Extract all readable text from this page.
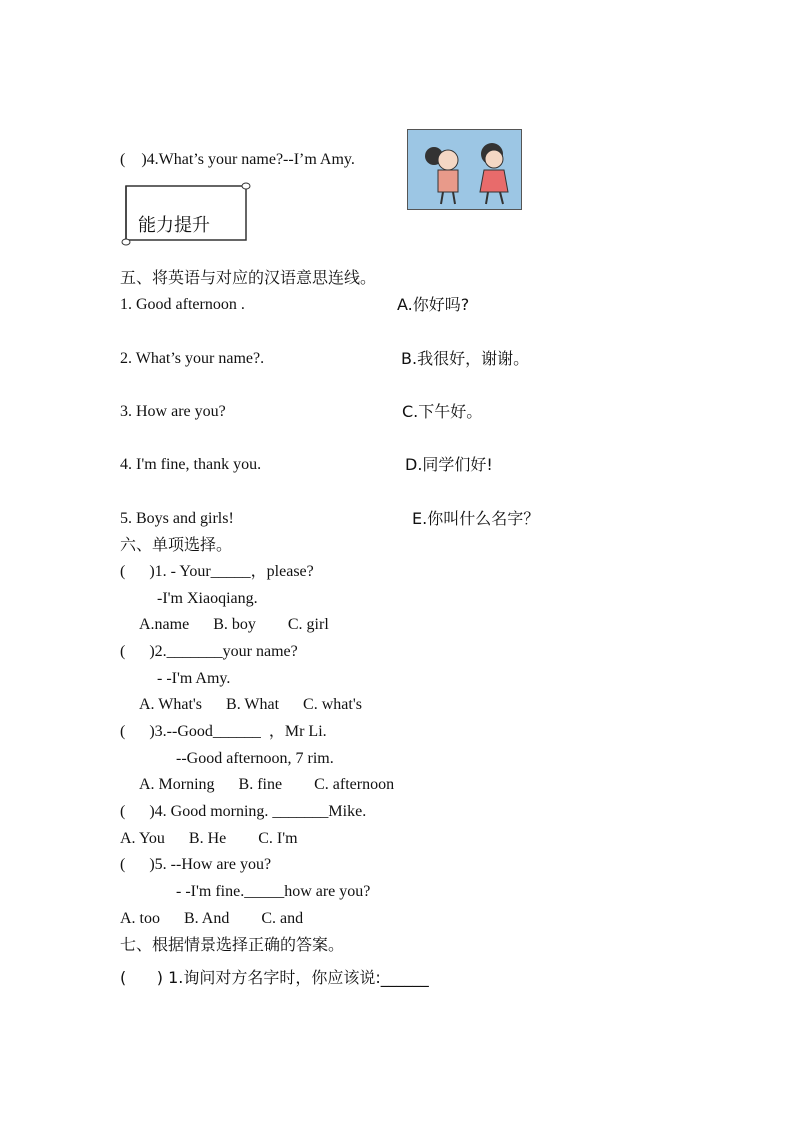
能力提升
(    )4.What’s your name?--I’m Amy.
五、将英语与对应的汉语意思连线。
1. Good afternoon .	A.你好吗?
2. What’s your name?.	B.我很好，谢谢。
3. How are you?	C.下午好。
4. I'm fine, thank you.	D.同学们好!
5. Boys and girls!	E.你叫什么名字？
六、单项选择。
(      )1. - Your_____，please?
-I'm Xiaoqiang.
A.name      B. boy        C. girl
(      )2._______your name?
- -I'm Amy.
A. What's      B. What      C. what's
(      )3.--Good______  ，Mr Li.
--Good afternoon, 7 rim.
A. Morning      B. fine        C. afternoon
(      )4. Good morning. _______Mike.
A. You      B. He        C. I'm
(      )5. --How are you?
- -I'm fine._____how are you?
A. too      B. And        C. and
七、根据情景选择正确的答案。
(      ) 1.询问对方名字时，你应该说:______
